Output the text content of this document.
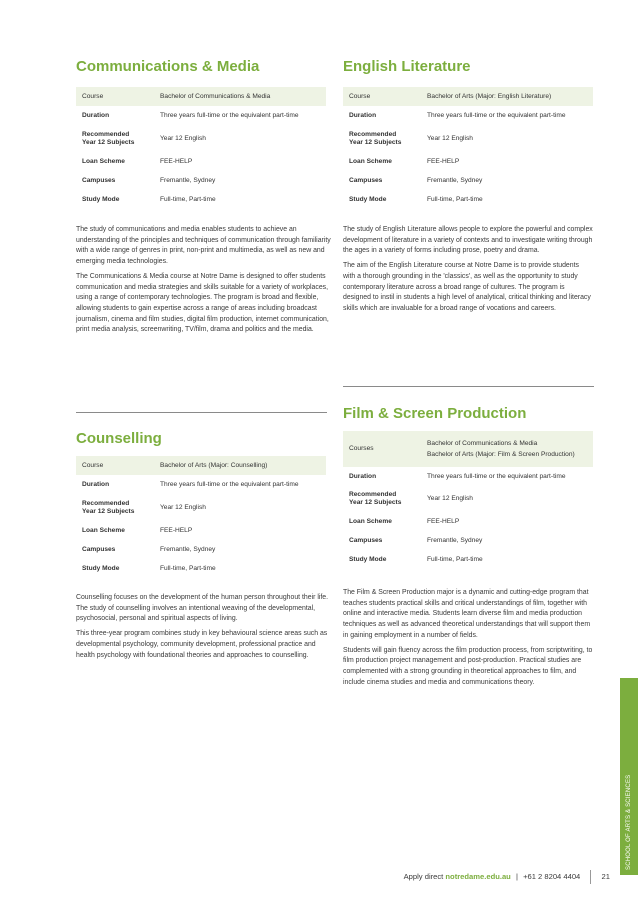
Communications & Media
Course	Bachelor of Communications & Media
Duration	Three years full-time or the equivalent part-time
Recommended
Year 12 Subjects	Year 12 English
Loan Scheme	FEE-HELP
Campuses	Fremantle, Sydney
Study Mode	Full-time, Part-time

The study of communications and media enables students to achieve an understanding of the principles and techniques of communication through familiarity with a wide range of genres in print, non-print and multimedia, as well as new and emerging media technologies.

The Communications & Media course at Notre Dame is designed to offer students communication and media strategies and skills suitable for a variety of workplaces, using a range of contemporary technologies. The program is broad and flexible, allowing students to gain expertise across a range of areas including broadcast journalism, cinema and film studies, digital film production, internet communication, print media analysis, screenwriting, TV/film, drama and politics and the media.

Counselling
Course	Bachelor of Arts (Major: Counselling)
Duration	Three years full-time or the equivalent part-time
Recommended
Year 12 Subjects	Year 12 English
Loan Scheme	FEE-HELP
Campuses	Fremantle, Sydney
Study Mode	Full-time, Part-time

Counselling focuses on the development of the human person throughout their life. The study of counselling involves an intentional weaving of the developmental, psychosocial, personal and spiritual aspects of living.

This three-year program combines study in key behavioural science areas such as developmental psychology, community development, professional practice and health psychology with foundational theories and approaches to counselling.

English Literature
Course	Bachelor of Arts (Major: English Literature)
Duration	Three years full-time or the equivalent part-time
Recommended
Year 12 Subjects	Year 12 English
Loan Scheme	FEE-HELP
Campuses	Fremantle, Sydney
Study Mode	Full-time, Part-time

The study of English Literature allows people to explore the powerful and complex development of literature in a variety of contexts and to investigate writing through the ages in a variety of forms including prose, poetry and drama.

The aim of the English Literature course at Notre Dame is to provide students with a thorough grounding in the 'classics', as well as the opportunity to study contemporary literature across a broad range of cultures. The program is designed to instil in students a high level of analytical, critical thinking and literacy skills which are invaluable for a broad range of vocations and careers.

Film & Screen Production
Courses	Bachelor of Communications & Media
Bachelor of Arts (Major: Film & Screen Production)

Duration	Three years full-time or the equivalent part-time
Recommended
Year 12 Subjects	Year 12 English
Loan Scheme	FEE-HELP
Campuses	Fremantle, Sydney
Study Mode	Full-time, Part-time

The Film & Screen Production major is a dynamic and cutting-edge program that teaches students practical skills and critical understandings of film, together with online and interactive media. Students learn diverse film and media production techniques as well as advanced theoretical understandings that will support them in gaining employment in a number of fields.

Students will gain fluency across the film production process, from scriptwriting, to film production project management and post-production. Practical studies are complemented with a strong grounding in theoretical approaches to film, and include cinema studies and media and communications theory.

SCHOOL OF ARTS & SCIENCES
Apply direct notredame.edu.au | +61 2 8204 4404	21
